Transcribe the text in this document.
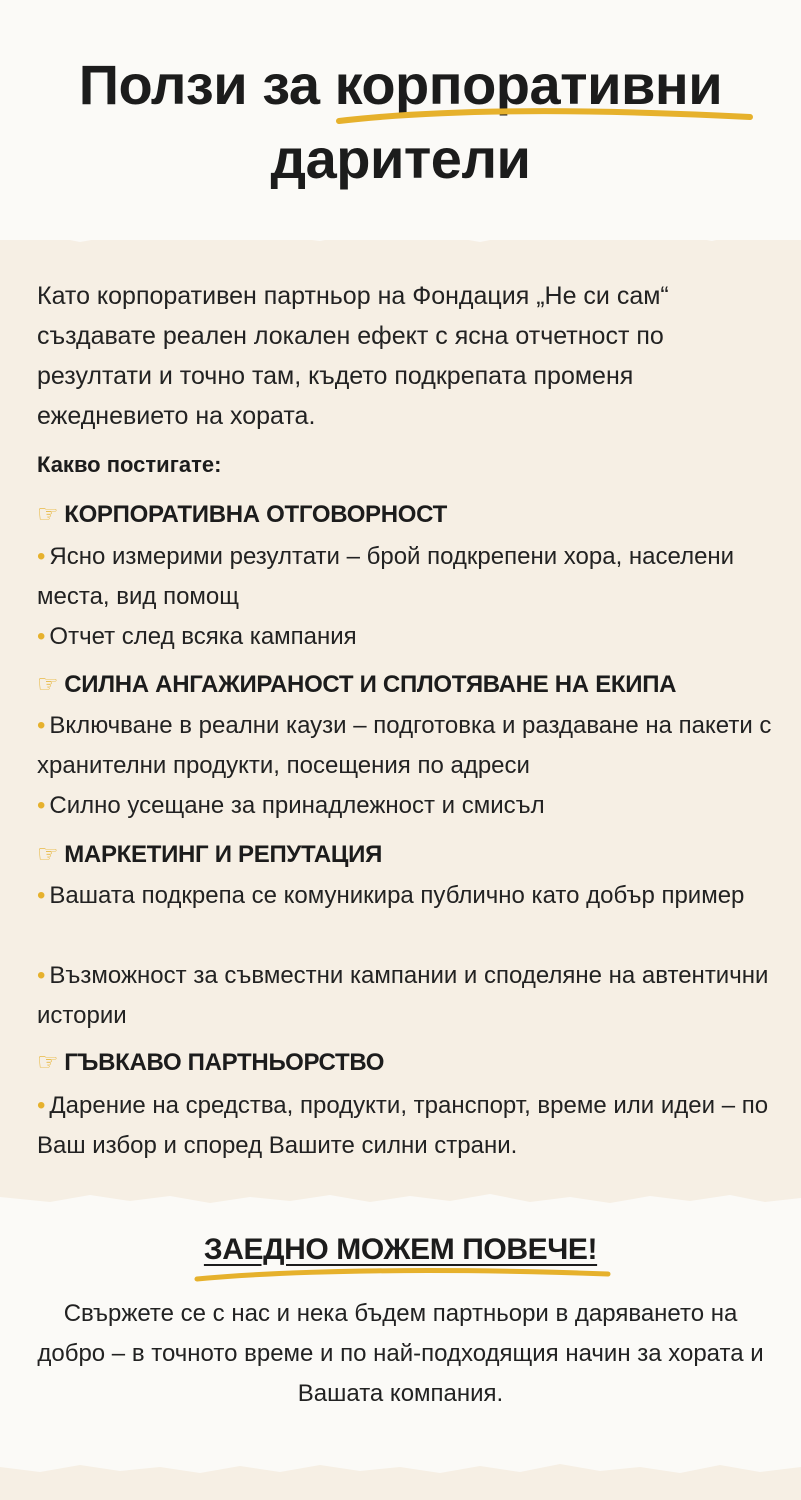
Ползи за корпоративни
дарители

Като корпоративен партньор на Фондация „Не си сам“ създавате реален локален ефект с ясна отчетност по резултати и точно там, където подкрепата променя ежедневието на хората.

Какво постигате:

☞ КОРПОРАТИВНА ОТГОВОРНОСТ

• Ясно измерими резултати – брой подкрепени хора, населени места, вид помощ

• Отчет след всяка кампания

☞ СИЛНА АНГАЖИРАНОСТ И СПЛОТЯВАНЕ НА ЕКИПА

• Включване в реални каузи – подготовка и раздаване на пакети с хранителни продукти, посещения по адреси

• Силно усещане за принадлежност и смисъл

☞ МАРКЕТИНГ И РЕПУТАЦИЯ

• Вашата подкрепа се комуникира публично като добър пример

• Възможност за съвместни кампании и споделяне на автентични истории

☞ ГЪВКАВО ПАРТНЬОРСТВО

• Дарение на средства, продукти, транспорт, време или идеи – по Ваш избор и според Вашите силни страни.

ЗАЕДНО МОЖЕМ ПОВЕЧЕ!

Свържете се с нас и нека бъдем партньори в даряването на добро – в точното време и по най-подходящия начин за хората и Вашата компания.
